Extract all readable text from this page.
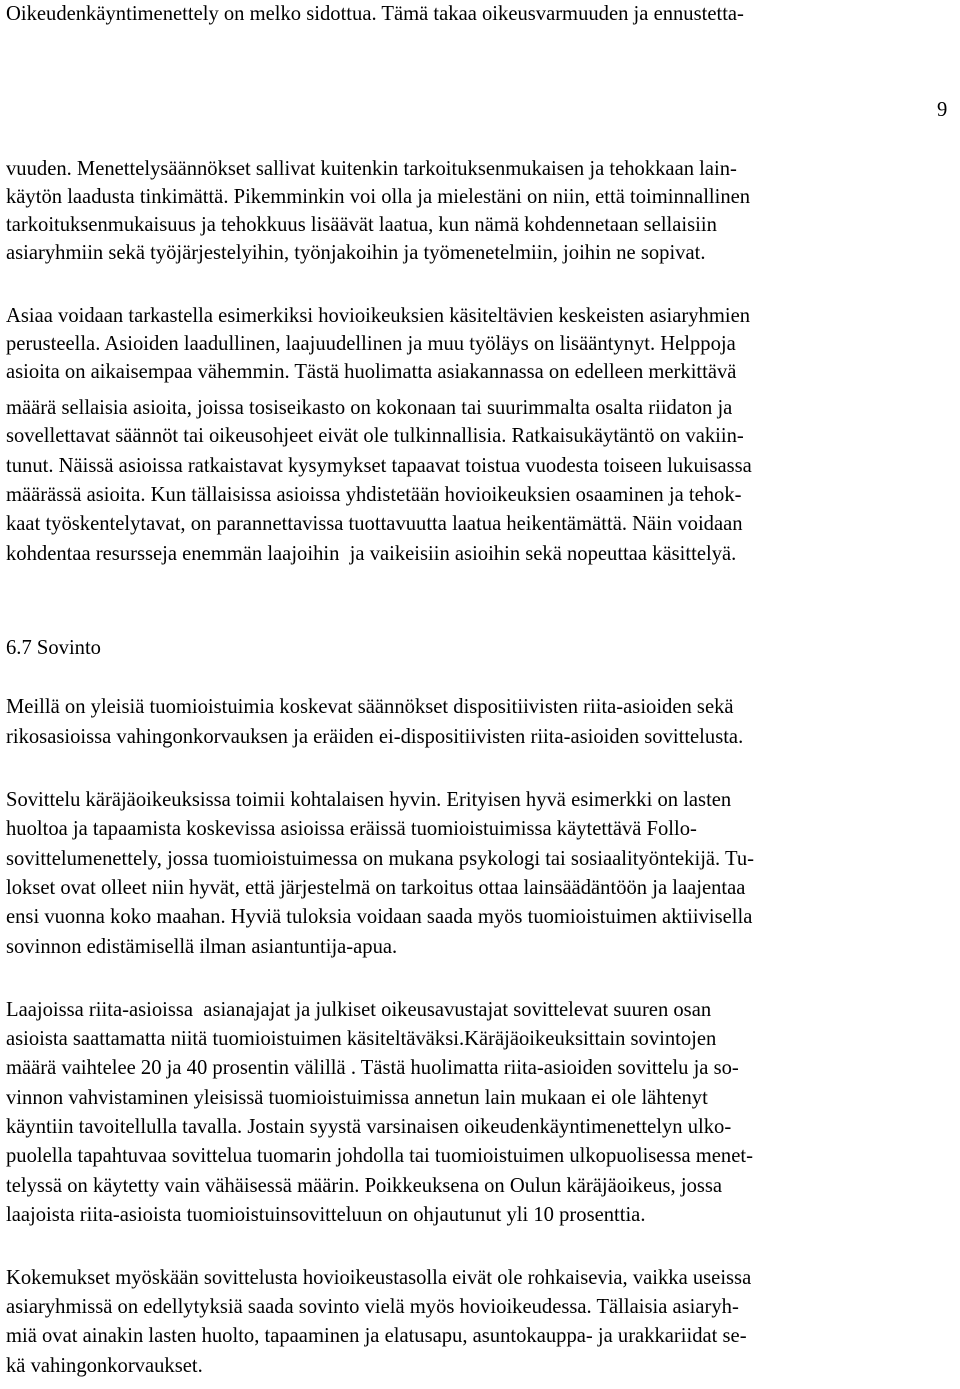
9
Oikeudenkäyntimenettely on melko sidottua. Tämä takaa oikeusvarmuuden ja ennustetta-
vuuden. Menettelysäännökset sallivat kuitenkin tarkoituksenmukaisen ja tehokkaan lain-
käytön laadusta tinkimättä. Pikemminkin voi olla ja mielestäni on niin, että toiminnallinen
tarkoituksenmukaisuus ja tehokkuus lisäävät laatua, kun nämä kohdennetaan sellaisiin
asiaryhmiin sekä työjärjestelyihin, työnjakoihin ja työmenetelmiin, joihin ne sopivat.
Asiaa voidaan tarkastella esimerkiksi hovioikeuksien käsiteltävien keskeisten asiaryhmien
perusteella. Asioiden laadullinen, laajuudellinen ja muu työläys on lisääntynyt. Helppoja
asioita on aikaisempaa vähemmin. Tästä huolimatta asiakannassa on edelleen merkittävä
määrä sellaisia asioita, joissa tosiseikasto on kokonaan tai suurimmalta osalta riidaton ja
sovellettavat säännöt tai oikeusohjeet eivät ole tulkinnallisia. Ratkaisukäytäntö on vakiin-
tunut. Näissä asioissa ratkaistavat kysymykset tapaavat toistua vuodesta toiseen lukuisassa
määrässä asioita. Kun tällaisissa asioissa yhdistetään hovioikeuksien osaaminen ja tehok-
kaat työskentelytavat, on parannettavissa tuottavuutta laatua heikentämättä. Näin voidaan
kohdentaa resursseja enemmän laajoihin  ja vaikeisiin asioihin sekä nopeuttaa käsittelyä.
6.7 Sovinto
Meillä on yleisiä tuomioistuimia koskevat säännökset dispositiivisten riita-asioiden sekä
rikosasioissa vahingonkorvauksen ja eräiden ei-dispositiivisten riita-asioiden sovittelusta.
Sovittelu käräjäoikeuksissa toimii kohtalaisen hyvin. Erityisen hyvä esimerkki on lasten
huoltoa ja tapaamista koskevissa asioissa eräissä tuomioistuimissa käytettävä Follo-
sovittelumenettely, jossa tuomioistuimessa on mukana psykologi tai sosiaalityöntekijä. Tu-
lokset ovat olleet niin hyvät, että järjestelmä on tarkoitus ottaa lainsäädäntöön ja laajentaa
ensi vuonna koko maahan. Hyviä tuloksia voidaan saada myös tuomioistuimen aktiivisella
sovinnon edistämisellä ilman asiantuntija-apua.
Laajoissa riita-asioissa  asianajajat ja julkiset oikeusavustajat sovittelevat suuren osan
asioista saattamatta niitä tuomioistuimen käsiteltäväksi.Käräjäoikeuksittain sovintojen
määrä vaihtelee 20 ja 40 prosentin välillä . Tästä huolimatta riita-asioiden sovittelu ja so-
vinnon vahvistaminen yleisissä tuomioistuimissa annetun lain mukaan ei ole lähtenyt
käyntiin tavoitellulla tavalla. Jostain syystä varsinaisen oikeudenkäyntimenettelyn ulko-
puolella tapahtuvaa sovittelua tuomarin johdolla tai tuomioistuimen ulkopuolisessa menet-
telyssä on käytetty vain vähäisessä määrin. Poikkeuksena on Oulun käräjäoikeus, jossa
laajoista riita-asioista tuomioistuinsovitteluun on ohjautunut yli 10 prosenttia.
Kokemukset myöskään sovittelusta hovioikeustasolla eivät ole rohkaisevia, vaikka useissa
asiaryhmissä on edellytyksiä saada sovinto vielä myös hovioikeudessa. Tällaisia asiaryh-
miä ovat ainakin lasten huolto, tapaaminen ja elatusapu, asuntokauppa- ja urakkariidat se-
kä vahingonkorvaukset.
